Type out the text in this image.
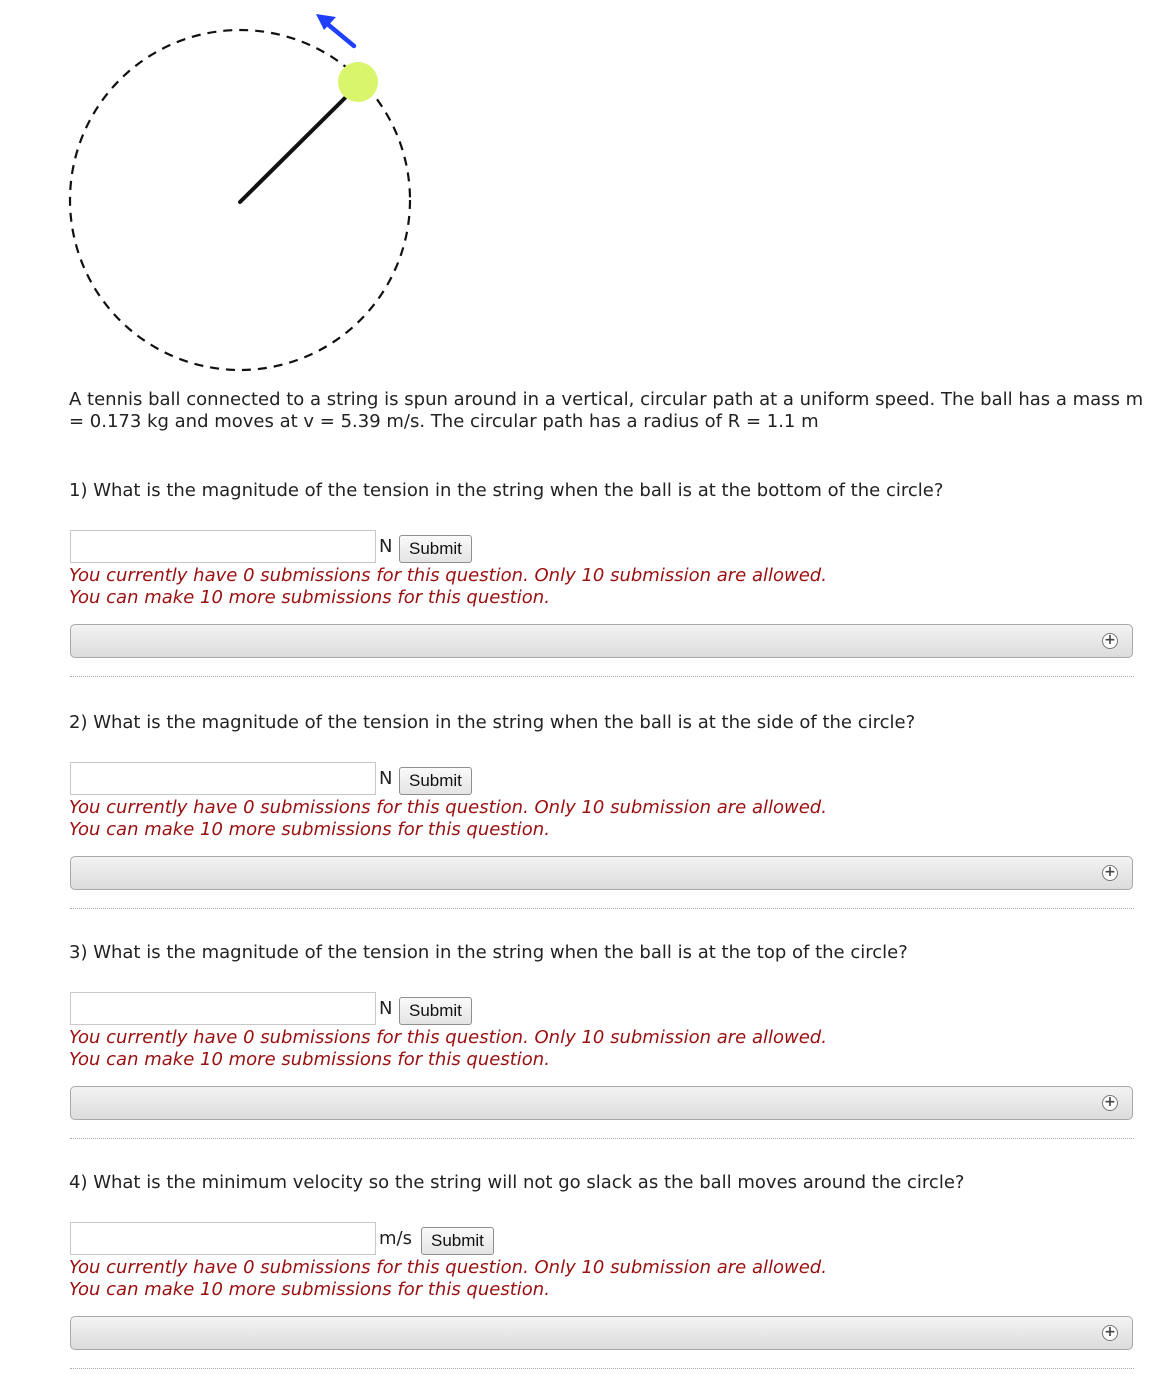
A tennis ball connected to a string is spun around in a vertical, circular path at a uniform speed. The ball has a mass m = 0.173 kg and moves at v = 5.39 m/s. The circular path has a radius of R = 1.1 m
1) What is the magnitude of the tension in the string when the ball is at the bottom of the circle?
N Submit
You currently have 0 submissions for this question. Only 10 submission are allowed.
You can make 10 more submissions for this question.
+
2) What is the magnitude of the tension in the string when the ball is at the side of the circle?
N Submit
You currently have 0 submissions for this question. Only 10 submission are allowed.
You can make 10 more submissions for this question.
+
3) What is the magnitude of the tension in the string when the ball is at the top of the circle?
N Submit
You currently have 0 submissions for this question. Only 10 submission are allowed.
You can make 10 more submissions for this question.
+
4) What is the minimum velocity so the string will not go slack as the ball moves around the circle?
m/s	Submit
You currently have 0 submissions for this question. Only 10 submission are allowed.
You can make 10 more submissions for this question.
+
